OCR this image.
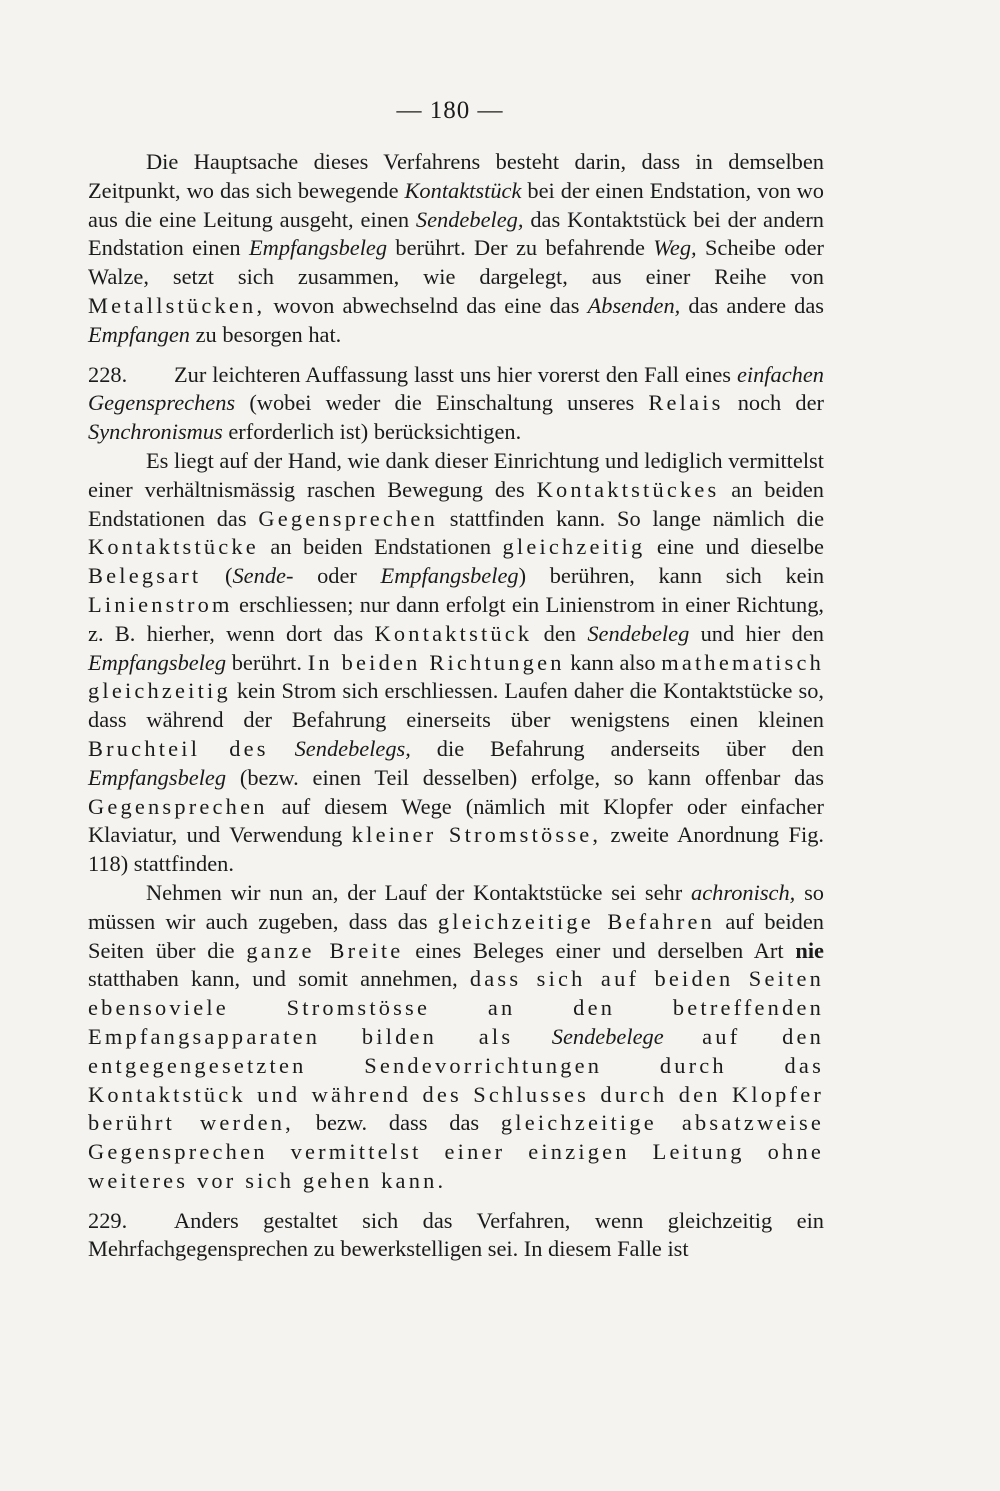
— 180 —

Die Hauptsache dieses Verfahrens besteht darin, dass in demselben Zeitpunkt, wo das sich bewegende Kontaktstück bei der einen Endstation, von wo aus die eine Leitung ausgeht, einen Sendebeleg, das Kontaktstück bei der andern Endstation einen Empfangsbeleg berührt. Der zu befahrende Weg, Scheibe oder Walze, setzt sich zusammen, wie dargelegt, aus einer Reihe von Metallstücken, wovon abwechselnd das eine das Absenden, das andere das Empfangen zu besorgen hat.

228. Zur leichteren Auffassung lasst uns hier vorerst den Fall eines einfachen Gegensprechens (wobei weder die Einschaltung unseres Relais noch der Synchronismus erforderlich ist) berücksichtigen.

Es liegt auf der Hand, wie dank dieser Einrichtung und lediglich vermittelst einer verhältnismässig raschen Bewegung des Kontaktstückes an beiden Endstationen das Gegensprechen stattfinden kann. So lange nämlich die Kontaktstücke an beiden Endstationen gleichzeitig eine und dieselbe Belegsart (Sende- oder Empfangsbeleg) berühren, kann sich kein Linienstrom erschliessen; nur dann erfolgt ein Linienstrom in einer Richtung, z. B. hierher, wenn dort das Kontaktstück den Sendebeleg und hier den Empfangsbeleg berührt. In beiden Richtungen kann also mathematisch gleichzeitig kein Strom sich erschliessen. Laufen daher die Kontaktstücke so, dass während der Befahrung einerseits über wenigstens einen kleinen Bruchteil des Sendebelegs, die Befahrung anderseits über den Empfangsbeleg (bezw. einen Teil desselben) erfolge, so kann offenbar das Gegensprechen auf diesem Wege (nämlich mit Klopfer oder einfacher Klaviatur, und Verwendung kleiner Stromstösse, zweite Anordnung Fig. 118) stattfinden.

Nehmen wir nun an, der Lauf der Kontaktstücke sei sehr achronisch, so müssen wir auch zugeben, dass das gleichzeitige Befahren auf beiden Seiten über die ganze Breite eines Beleges einer und derselben Art nie statthaben kann, und somit annehmen, dass sich auf beiden Seiten ebensoviele Stromstösse an den betreffenden Empfangsapparaten bilden als Sendebelege auf den entgegengesetzten Sendevorrichtungen durch das Kontaktstück und während des Schlusses durch den Klopfer berührt werden, bezw. dass das gleichzeitige absatzweise Gegensprechen vermittelst einer einzigen Leitung ohne weiteres vor sich gehen kann.

229. Anders gestaltet sich das Verfahren, wenn gleichzeitig ein Mehrfachgegensprechen zu bewerkstelligen sei. In diesem Falle ist
